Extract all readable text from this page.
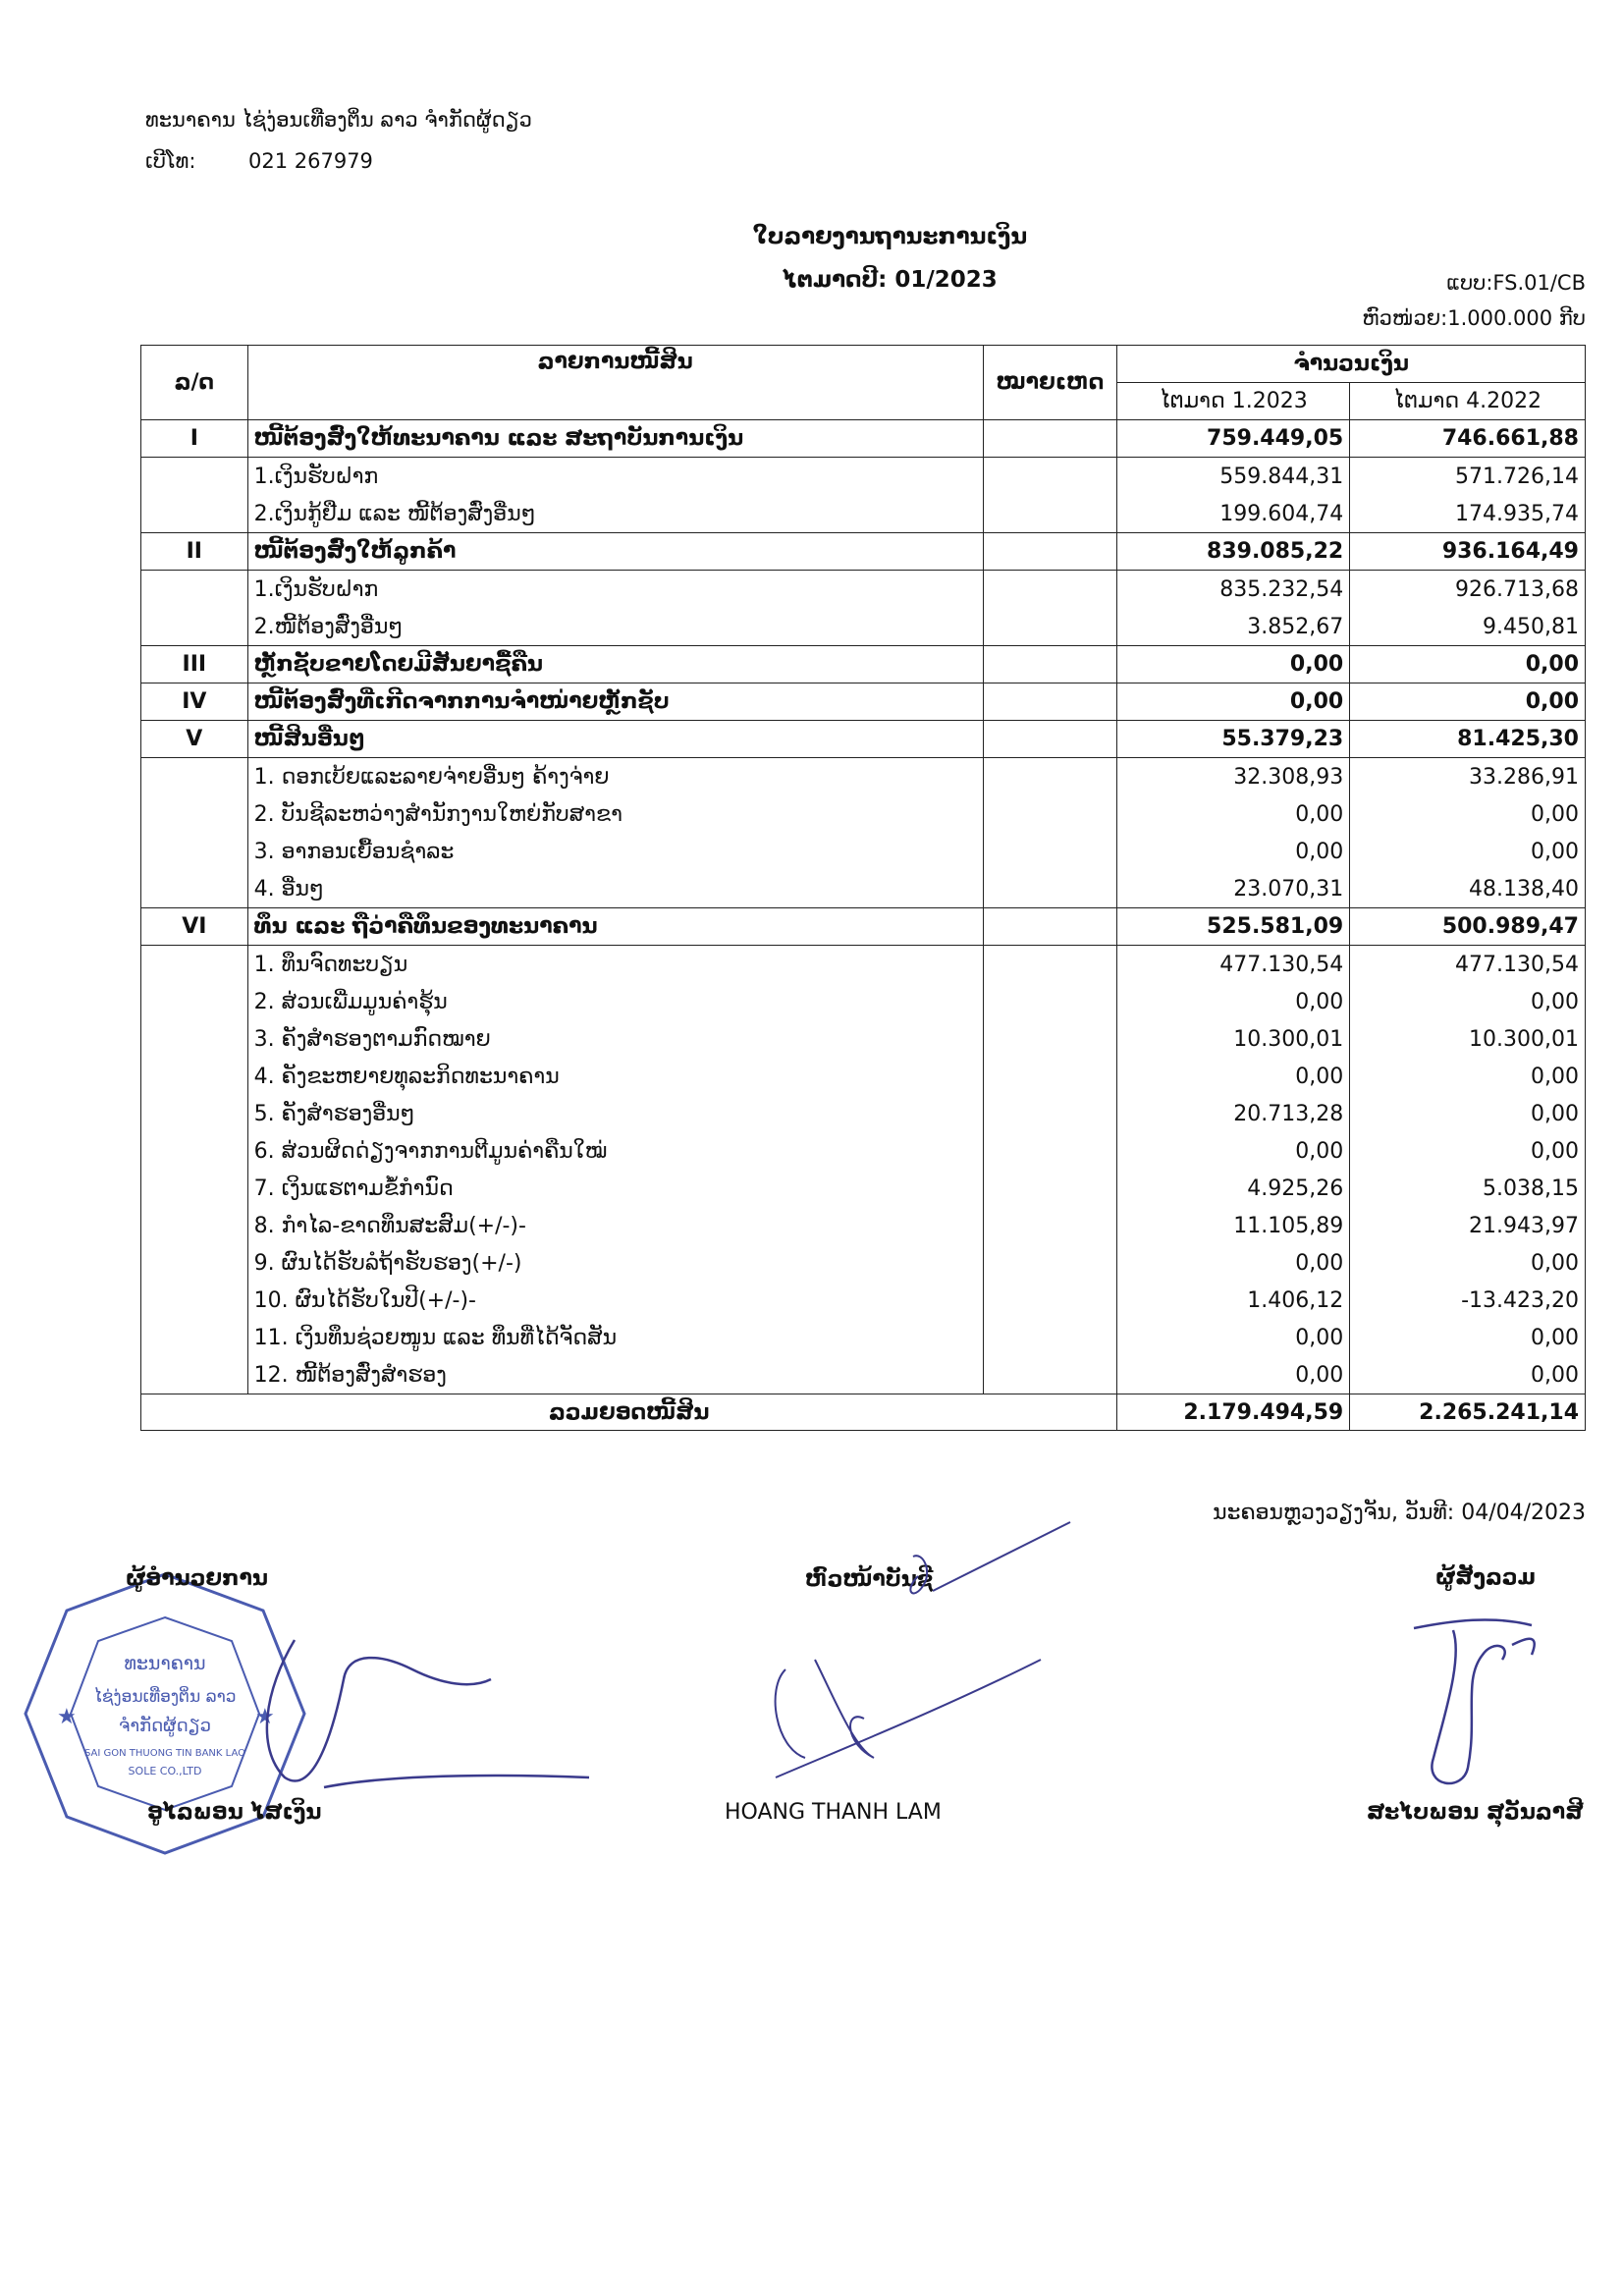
ທະນາຄານ ໄຊ່ງ່ອນເທືອງຕິ່ນ ລາວ ຈຳກັດຜູ້ດຽວ
ເບີໂທ:	021 267979
ໃບລາຍງານຖານະການເງິນ
ໄຕມາດປີ: 01/2023	ແບບ:FS.01/CB
ຫົວໜ່ວຍ:1.000.000 ກີບ
ລ/ດ	ລາຍການໜີ້ສິນ	ໝາຍເຫດ	ຈຳນວນເງິນ	
			ໄຕມາດ 1.2023	ໄຕມາດ 4.2022
I	ໜີ້ຕ້ອງສົ່ງໃຫ້ທະນາຄານ ແລະ ສະຖາບັນການເງິນ		759.449,05	746.661,88
	1.ເງິນຮັບຝາກ		559.844,31	571.726,14
	2.ເງິນກູ້ຢືມ ແລະ ໜີ້ຕ້ອງສົ່ງອື່ນໆ		199.604,74	174.935,74
II	ໜີ້ຕ້ອງສົ່ງໃຫ້ລູກຄ້າ		839.085,22	936.164,49
	1.ເງິນຮັບຝາກ		835.232,54	926.713,68
	2.ໜີ້ຕ້ອງສົ່ງອື່ນໆ		3.852,67	9.450,81
III	ຫຼັກຊັບຂາຍໂດຍມີສັນຍາຊື້ຄືນ		0,00	0,00
IV	ໜີ້ຕ້ອງສົ່ງທີ່ເກີດຈາກການຈຳໜ່າຍຫຼັກຊັບ		0,00	0,00
V	ໜີ້ສິນອື່ນໆ		55.379,23	81.425,30
	1. ດອກເບ້ຍແລະລາຍຈ່າຍອື່ນໆ ຄ້າງຈ່າຍ		32.308,93	33.286,91
	2. ບັນຊີລະຫວ່າງສຳນັກງານໃຫຍ່ກັບສາຂາ		0,00	0,00
	3. ອາກອນເຍື້ອນຊຳລະ		0,00	0,00
	4. ອື່ນໆ		23.070,31	48.138,40
VI	ທຶນ ແລະ ຖືວ່າຄືທຶນຂອງທະນາຄານ		525.581,09	500.989,47
	1. ທຶນຈົດທະບຽນ		477.130,54	477.130,54
	2. ສ່ວນເພີ່ມມູນຄ່າຮຸ້ນ		0,00	0,00
	3. ຄັງສຳຮອງຕາມກົດໝາຍ		10.300,01	10.300,01
	4. ຄັງຂະຫຍາຍທຸລະກິດທະນາຄານ		0,00	0,00
	5. ຄັງສຳຮອງອື່ນໆ		20.713,28	0,00
	6. ສ່ວນຜິດດ່ຽງຈາກການຕີມູນຄ່າຄືນໃໝ່		0,00	0,00
	7. ເງິນແຮຕາມຂໍ້ກຳນົດ		4.925,26	5.038,15
	8. ກຳໄລ-ຂາດທຶນສະສົມ(+/-)-		11.105,89	21.943,97
	9. ຜົນໄດ້ຮັບລໍຖ້າຮັບຮອງ(+/-)		0,00	0,00
	10. ຜົນໄດ້ຮັບໃນປີ(+/-)-		1.406,12	-13.423,20
	11. ເງິນທຶນຊ່ວຍໜູນ ແລະ ທຶນທີ່ໄດ້ຈັດສັນ		0,00	0,00
	12. ໜີ້ຕ້ອງສົ່ງສຳຮອງ		0,00	0,00
ລວມຍອດໜີ້ສິນ			2.179.494,59	2.265.241,14
ນະຄອນຫຼວງວຽງຈັນ, ວັນທີ: 04/04/2023
ທະນາຄານ
ໄຊ່ງ່ອນເທືອງຕິ່ນ ລາວ
ຈຳກັດຜູ້ດຽວ
SAI GON THUONG TIN BANK LAO
SOLE CO.,LTD
★	★
ຜູ້ອຳນວຍການ
ອູໄລພອນ ໄສເງິນ
ຫົວໜ້າບັນຊີ
HOANG THANH LAM
ຜູ້ສັງລວມ
ສະໄບພອນ ສຸວັນລາສີ
